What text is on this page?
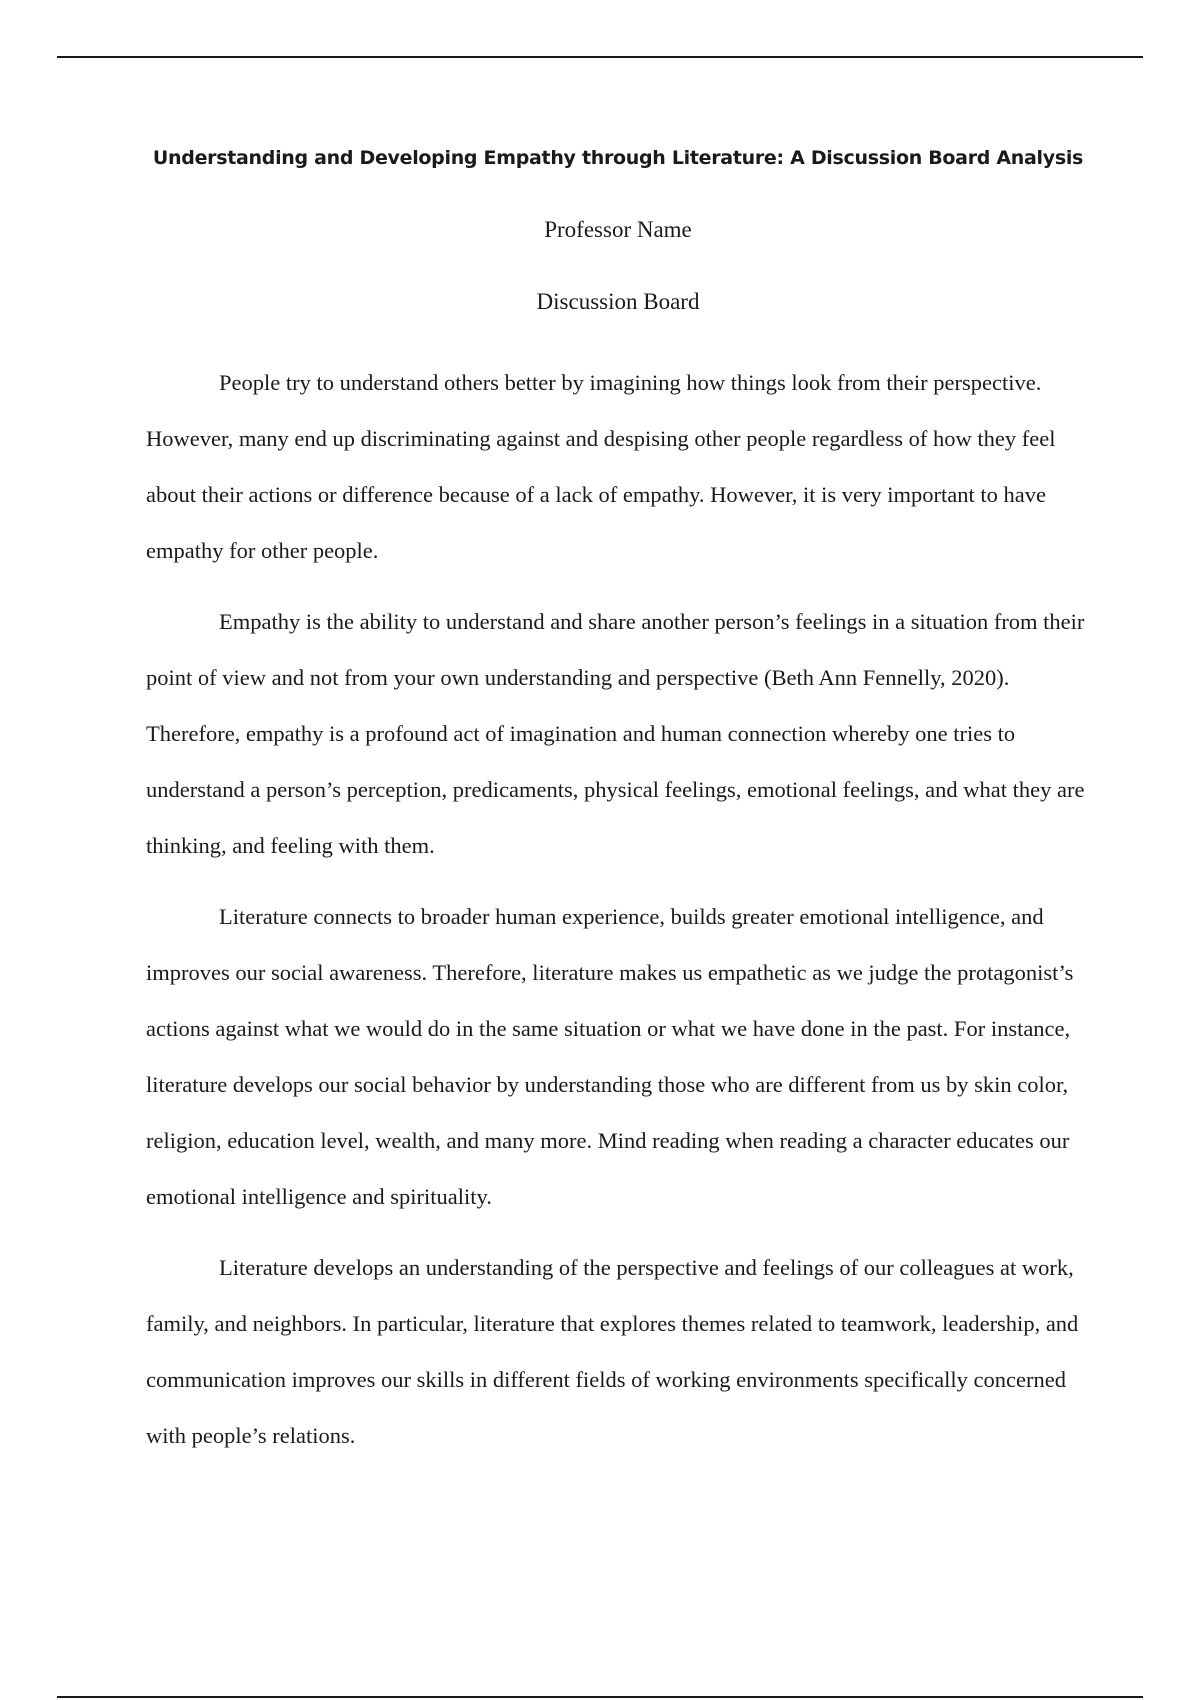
Understanding and Developing Empathy through Literature: A Discussion Board Analysis

Professor Name

Discussion Board

People try to understand others better by imagining how things look from their perspective. However, many end up discriminating against and despising other people regardless of how they feel about their actions or difference because of a lack of empathy. However, it is very important to have empathy for other people.

Empathy is the ability to understand and share another person’s feelings in a situation from their point of view and not from your own understanding and perspective (Beth Ann Fennelly, 2020). Therefore, empathy is a profound act of imagination and human connection whereby one tries to understand a person’s perception, predicaments, physical feelings, emotional feelings, and what they are thinking, and feeling with them.

Literature connects to broader human experience, builds greater emotional intelligence, and improves our social awareness. Therefore, literature makes us empathetic as we judge the protagonist’s actions against what we would do in the same situation or what we have done in the past. For instance, literature develops our social behavior by understanding those who are different from us by skin color, religion, education level, wealth, and many more. Mind reading when reading a character educates our emotional intelligence and spirituality.

Literature develops an understanding of the perspective and feelings of our colleagues at work, family, and neighbors. In particular, literature that explores themes related to teamwork, leadership, and communication improves our skills in different fields of working environments specifically concerned with people’s relations.
